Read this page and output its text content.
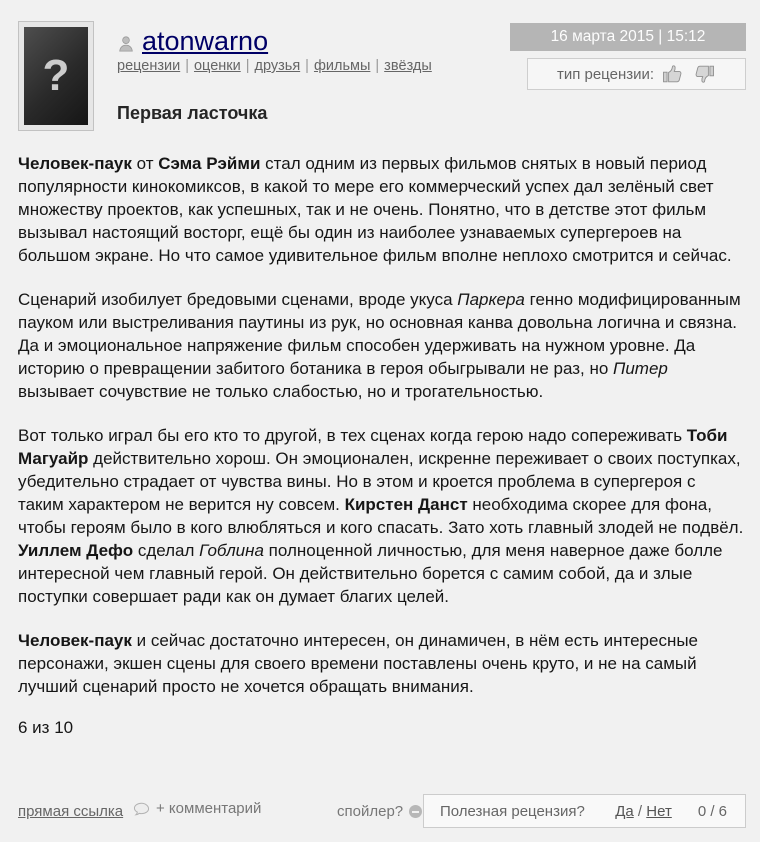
?
atonwarno
рецензии | оценки | друзья | фильмы | звёзды
16 марта 2015 | 15:12
тип рецензии:
Первая ласточка

Человек-паук от Сэма Рэйми стал одним из первых фильмов снятых в новый период популярности кинокомиксов, в какой то мере его коммерческий успех дал зелёный свет множеству проектов, как успешных, так и не очень. Понятно, что в детстве этот фильм вызывал настоящий восторг, ещё бы один из наиболее узнаваемых супергероев на большом экране. Но что самое удивительное фильм вполне неплохо смотрится и сейчас.

Сценарий изобилует бредовыми сценами, вроде укуса Паркера генно модифицированным пауком или выстреливания паутины из рук, но основная канва довольна логична и связна. Да и эмоциональное напряжение фильм способен удерживать на нужном уровне. Да историю о превращении забитого ботаника в героя обыгрывали не раз, но Питер вызывает сочувствие не только слабостью, но и трогательностью.

Вот только играл бы его кто то другой, в тех сценах когда герою надо сопереживать Тоби Магуайр действительно хорош. Он эмоционален, искренне переживает о своих поступках, убедительно страдает от чувства вины. Но в этом и кроется проблема в супергероя с таким характером не верится ну совсем. Кирстен Данст необходима скорее для фона, чтобы героям было в кого влюбляться и кого спасать. Зато хоть главный злодей не подвёл. Уиллем Дефо сделал Гоблина полноценной личностью, для меня наверное даже болле интересной чем главный герой. Он действительно борется с самим собой, да и злые поступки совершает ради как он думает благих целей.

Человек-паук и сейчас достаточно интересен, он динамичен, в нём есть интересные персонажи, экшен сцены для своего времени поставлены очень круто, и не на самый лучший сценарий просто не хочется обращать внимания.

6 из 10
прямая ссылка + комментарий	спойлер? Полезная рецензия? Да / Нет 0 / 6
